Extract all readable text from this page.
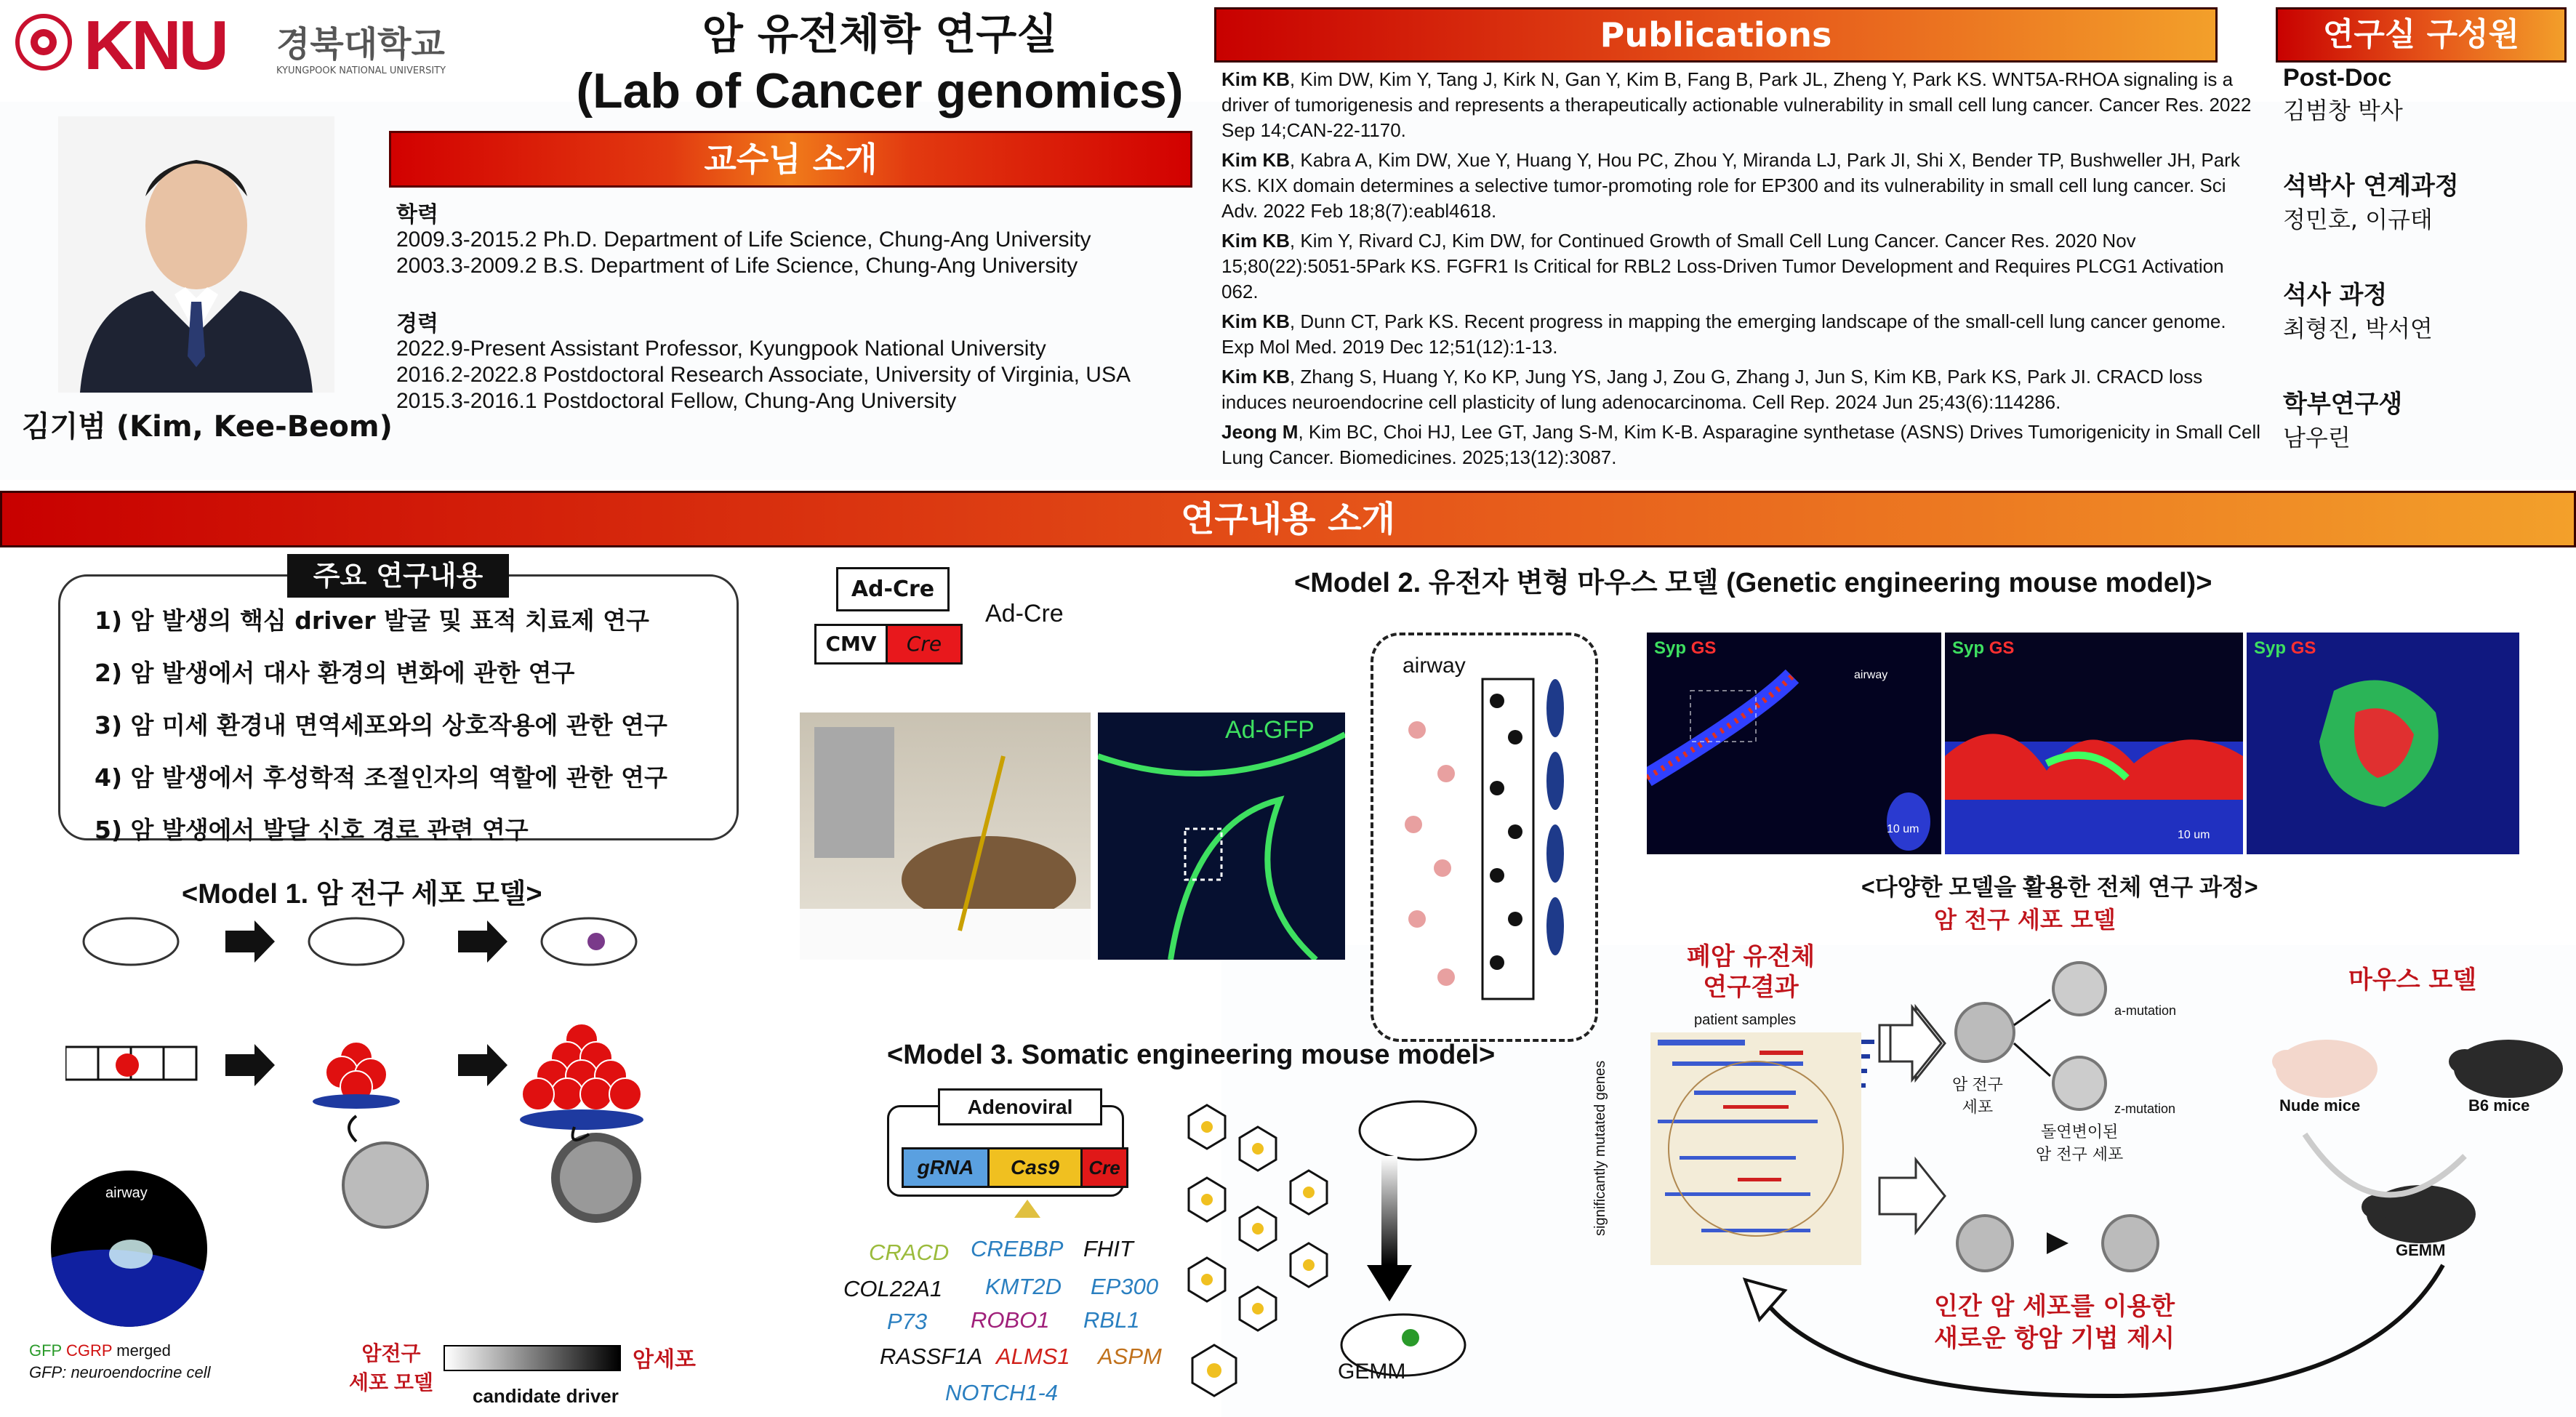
KNU 경북대학교
KYUNGPOOK NATIONAL UNIVERSITY
암 유전체학 연구실
(Lab of Cancer genomics)
김기범 (Kim, Kee-Beom)
교수님 소개
학력
2009.3-2015.2 Ph.D. Department of Life Science, Chung-Ang University
2003.3-2009.2 B.S. Department of Life Science, Chung-Ang University
경력
2022.9-Present Assistant Professor, Kyungpook National University
2016.2-2022.8 Postdoctoral Research Associate, University of Virginia, USA
2015.3-2016.1 Postdoctoral Fellow, Chung-Ang University
Publications

Kim KB, Kim DW, Kim Y, Tang J, Kirk N, Gan Y, Kim B, Fang B, Park JL, Zheng Y, Park KS. WNT5A-RHOA signaling is a driver of tumorigenesis and represents a therapeutically actionable vulnerability in small cell lung cancer. Cancer Res. 2022 Sep 14;CAN-22-1170.

Kim KB, Kabra A, Kim DW, Xue Y, Huang Y, Hou PC, Zhou Y, Miranda LJ, Park JI, Shi X, Bender TP, Bushweller JH, Park KS. KIX domain determines a selective tumor-promoting role for EP300 and its vulnerability in small cell lung cancer. Sci Adv. 2022 Feb 18;8(7):eabl4618.

Kim KB, Kim Y, Rivard CJ, Kim DW, for Continued Growth of Small Cell Lung Cancer. Cancer Res. 2020 Nov 15;80(22):5051-5Park KS. FGFR1 Is Critical for RBL2 Loss-Driven Tumor Development and Requires PLCG1 Activation 062.

Kim KB, Dunn CT, Park KS. Recent progress in mapping the emerging landscape of the small-cell lung cancer genome. Exp Mol Med. 2019 Dec 12;51(12):1-13.

Kim KB, Zhang S, Huang Y, Ko KP, Jung YS, Jang J, Zou G, Zhang J, Jun S, Kim KB, Park KS, Park JI. CRACD loss induces neuroendocrine cell plasticity of lung adenocarcinoma. Cell Rep. 2024 Jun 25;43(6):114286.

Jeong M, Kim BC, Choi HJ, Lee GT, Jang S-M, Kim K-B. Asparagine synthetase (ASNS) Drives Tumorigenicity in Small Cell Lung Cancer. Biomedicines. 2025;13(12):3087.

연구실 구성원
Post-Doc
김범창 박사
석박사 연계과정
정민호, 이규태
석사 과정
최형진, 박서연
학부연구생
남우린
연구내용 소개
주요 연구내용
1) 암 발생의 핵심 driver 발굴 및 표적 치료제 연구
2) 암 발생에서 대사 환경의 변화에 관한 연구
3) 암 미세 환경내 면역세포와의 상호작용에 관한 연구
4) 암 발생에서 후성학적 조절인자의 역할에 관한 연구
5) 암 발생에서 발달 신호 경로 관련 연구
<Model 1. 암 전구 세포 모델>
airway
GFP CGRP merged
GFP: neuroendocrine cell
암전구
세포 모델
암세포
candidate driver
<Model 2. 유전자 변형 마우스 모델 (Genetic engineering mouse model)>
Ad-Cre
CMV	Cre
Ad-Cre
Ad-GFP
airway
Syp GS
airway
10 um
Syp GS
10 um
Syp GS
<Model 3. Somatic engineering mouse model>
Adenoviral
gRNA	Cas9	Cre
CRACD CREBBP FHIT
COL22A1 KMT2D EP300
P73 ROBO1 RBL1
RASSF1A ALMS1 ASPM
NOTCH1-4
GEMM
<다양한 모델을 활용한 전체 연구 과정>
암 전구 세포 모델
폐암 유전체
연구결과
patient samples
significantly mutated genes	암 전구
세포
a-mutation
z-mutation
돌연변이된
암 전구 세포
마우스 모델
Nude mice	B6 mice
GEMM
인간 암 세포를 이용한
새로운 항암 기법 제시
